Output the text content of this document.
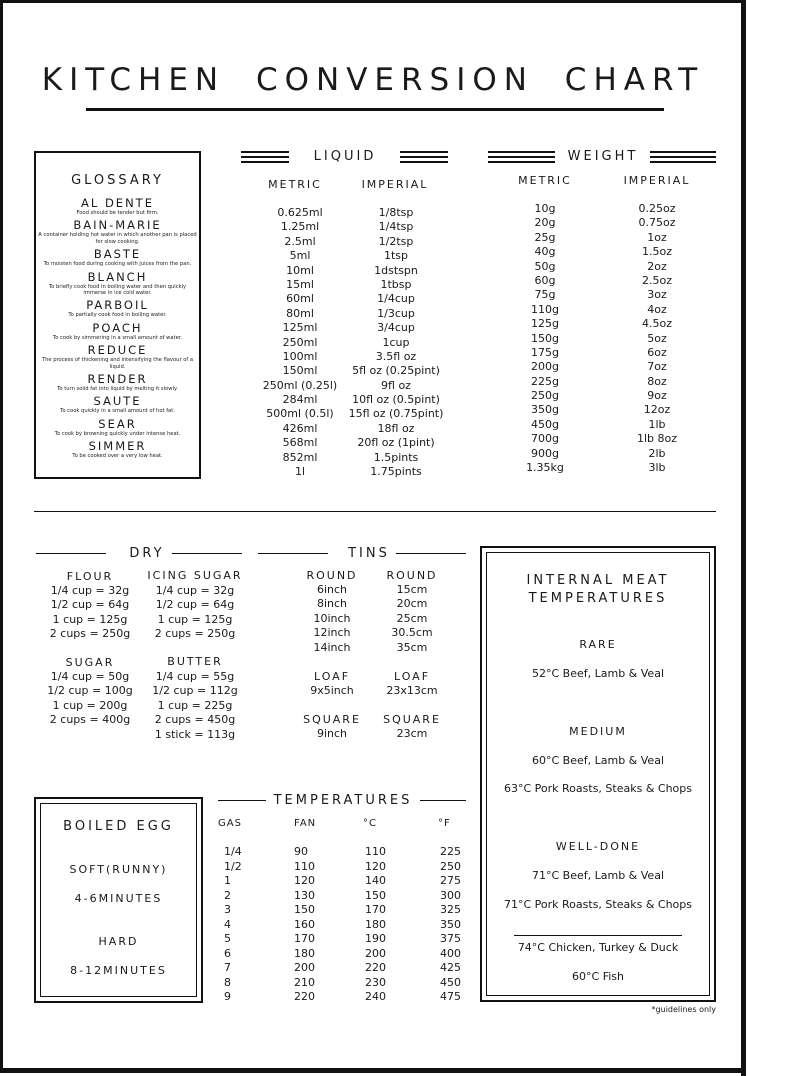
KITCHEN CONVERSION CHART
GLOSSARY
AL DENTE
Food should be tender but firm.
BAIN-MARIE
A container holding hot water in which another pan is placed for slow cooking.
BASTE
To moisten food during cooking with juices from the pan.
BLANCH
To briefly cook food in boiling water and then quickly immerse in ice cold water.
PARBOIL
To partially cook food in boiling water.
POACH
To cook by simmering in a small amount of water.
REDUCE
The process of thickening and intensifying the flavour of a liquid.
RENDER
To turn solid fat into liquid by melting it slowly.
SAUTE
To cook quickly in a small amount of hot fat.
SEAR
To cook by browning quickly under intense heat.
SIMMER
To be cooked over a very low heat.
LIQUID
METRIC	IMPERIAL
0.625ml	1/8tsp
1.25ml	1/4tsp
2.5ml	1/2tsp
5ml	1tsp
10ml	1dstspn
15ml	1tbsp
60ml	1/4cup
80ml	1/3cup
125ml	3/4cup
250ml	1cup
100ml	3.5fl oz
150ml	5fl oz (0.25pint)
250ml (0.25l)	9fl oz
284ml	10fl oz (0.5pint)
500ml (0.5l)	15fl oz (0.75pint)
426ml	18fl oz
568ml	20fl oz (1pint)
852ml	1.5pints
1l	1.75pints
WEIGHT
METRIC	IMPERIAL
10g	0.25oz
20g	0.75oz
25g	1oz
40g	1.5oz
50g	2oz
60g	2.5oz
75g	3oz
110g	4oz
125g	4.5oz
150g	5oz
175g	6oz
200g	7oz
225g	8oz
250g	9oz
350g	12oz
450g	1lb
700g	1lb 8oz
900g	2lb
1.35kg	3lb
DRY
FLOUR
1/4 cup = 32g
1/2 cup = 64g
1 cup = 125g
2 cups = 250g
ICING SUGAR
1/4 cup = 32g
1/2 cup = 64g
1 cup = 125g
2 cups = 250g
SUGAR
1/4 cup = 50g
1/2 cup = 100g
1 cup = 200g
2 cups = 400g
BUTTER
1/4 cup = 55g
1/2 cup = 112g
1 cup = 225g
2 cups = 450g
1 stick = 113g
TINS
ROUND	ROUND
6inch	15cm
8inch	20cm
10inch	25cm
12inch	30.5cm
14inch	35cm
LOAF	LOAF
9x5inch	23x13cm
SQUARE	SQUARE
9inch	23cm
INTERNAL MEAT
TEMPERATURES
RARE
52°C Beef, Lamb & Veal
MEDIUM
60°C Beef, Lamb & Veal
63°C Pork Roasts, Steaks & Chops
WELL-DONE
71°C Beef, Lamb & Veal
71°C Pork Roasts, Steaks & Chops
74°C Chicken, Turkey & Duck
60°C Fish
BOILED EGG
SOFT(RUNNY)
4-6MINUTES
HARD
8-12MINUTES
TEMPERATURES
GAS	FAN	°C	°F
1/4	90	110	225
1/2	110	120	250
1	120	140	275
2	130	150	300
3	150	170	325
4	160	180	350
5	170	190	375
6	180	200	400
7	200	220	425
8	210	230	450
9	220	240	475
*guidelines only
